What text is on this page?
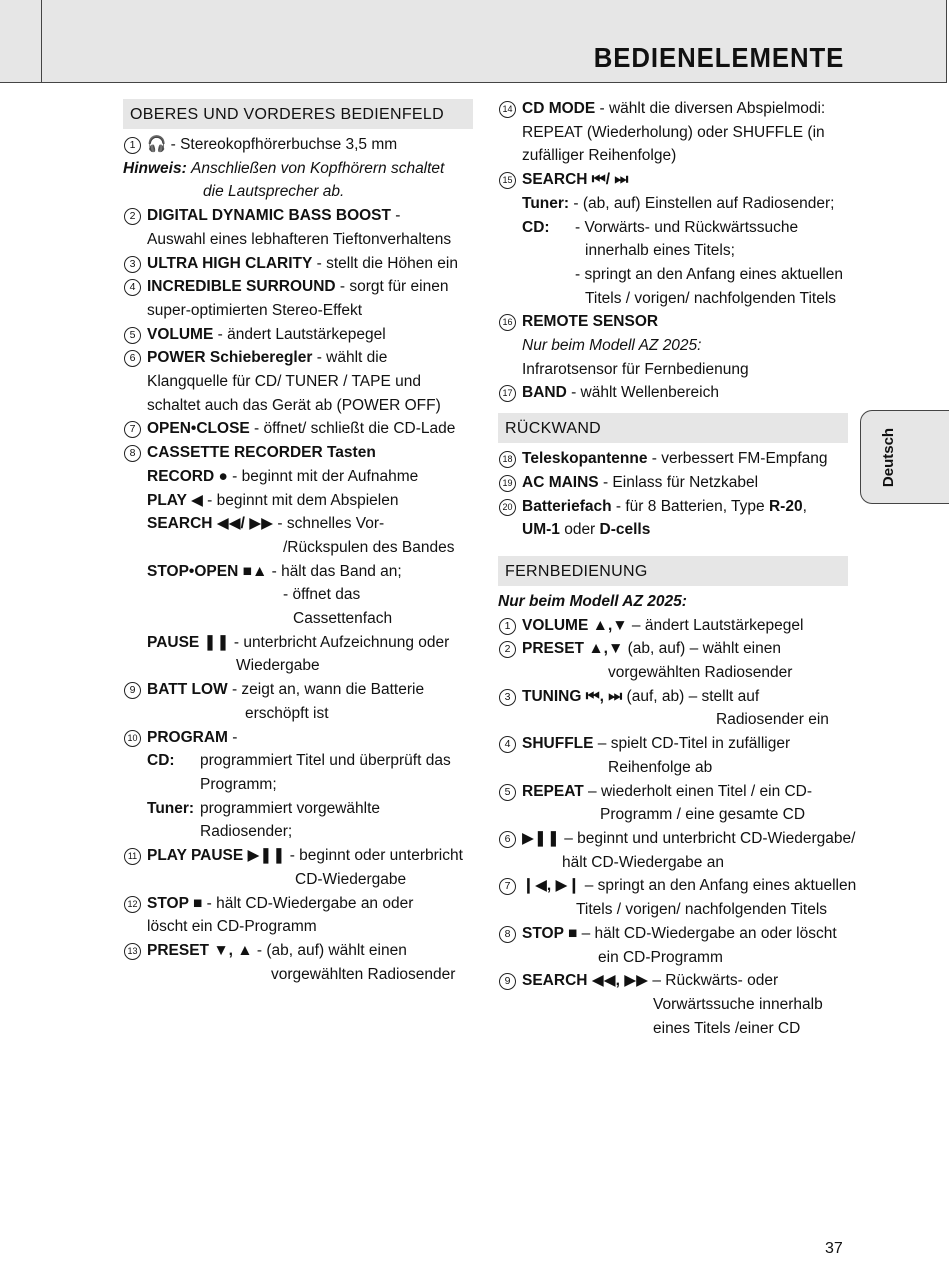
BEDIENELEMENTE
Deutsch
OBERES UND VORDERES BEDIENFELD
1 🎧 - Stereokopfhörerbuchse 3,5 mm
Hinweis: Anschließen von Kopfhörern schaltet
die Lautsprecher ab.
2 DIGITAL DYNAMIC BASS BOOST -
Auswahl eines lebhafteren Tieftonverhaltens
3 ULTRA HIGH CLARITY - stellt die Höhen ein
4 INCREDIBLE SURROUND - sorgt für einen
super-optimierten Stereo-Effekt
5 VOLUME - ändert Lautstärkepegel
6 POWER Schieberegler - wählt die
Klangquelle für CD/ TUNER / TAPE und
schaltet auch das Gerät ab (POWER OFF)
7 OPEN•CLOSE - öffnet/ schließt die CD-Lade
8 CASSETTE RECORDER Tasten
RECORD ● - beginnt mit der Aufnahme
PLAY ◀ - beginnt mit dem Abspielen
SEARCH ◀◀/ ▶▶ - schnelles Vor-
/Rückspulen des Bandes
STOP•OPEN ■▲ - hält das Band an;
- öffnet das
Cassettenfach
PAUSE ❚❚ - unterbricht Aufzeichnung oder
Wiedergabe
9 BATT LOW - zeigt an, wann die Batterie
erschöpft ist
10 PROGRAM -
CD: programmiert Titel und überprüft das
Programm;
Tuner: programmiert vorgewählte
Radiosender;
11 PLAY PAUSE ▶❚❚ - beginnt oder unterbricht
CD-Wiedergabe
12 STOP ■ - hält CD-Wiedergabe an oder
löscht ein CD-Programm
13 PRESET ▼, ▲ - (ab, auf) wählt einen
vorgewählten Radiosender
14 CD MODE - wählt die diversen Abspielmodi:
REPEAT (Wiederholung) oder SHUFFLE (in
zufälliger Reihenfolge)
15 SEARCH ⏮/ ⏭
Tuner: - (ab, auf) Einstellen auf Radiosender;
CD: - Vorwärts- und Rückwärtssuche
innerhalb eines Titels;
- springt an den Anfang eines aktuellen
Titels / vorigen/ nachfolgenden Titels
16 REMOTE SENSOR
Nur beim Modell AZ 2025:
Infrarotsensor für Fernbedienung
17 BAND - wählt Wellenbereich
RÜCKWAND
18 Teleskopantenne - verbessert FM-Empfang
19 AC MAINS - Einlass für Netzkabel
20 Batteriefach - für 8 Batterien, Type R-20,
UM-1 oder D-cells
FERNBEDIENUNG
Nur beim Modell AZ 2025:
1 VOLUME ▲,▼ – ändert Lautstärkepegel
2 PRESET ▲,▼ (ab, auf) – wählt einen
vorgewählten Radiosender
3 TUNING ⏮, ⏭ (auf, ab) – stellt auf
Radiosender ein
4 SHUFFLE – spielt CD-Titel in zufälliger
Reihenfolge ab
5 REPEAT – wiederholt einen Titel / ein CD-
Programm / eine gesamte CD
6 ▶❚❚ – beginnt und unterbricht CD-Wiedergabe/
hält CD-Wiedergabe an
7 ❙◀, ▶❙ – springt an den Anfang eines aktuellen
Titels / vorigen/ nachfolgenden Titels
8 STOP ■ – hält CD-Wiedergabe an oder löscht
ein CD-Programm
9 SEARCH ◀◀, ▶▶ – Rückwärts- oder
Vorwärtssuche innerhalb
eines Titels /einer CD
37
